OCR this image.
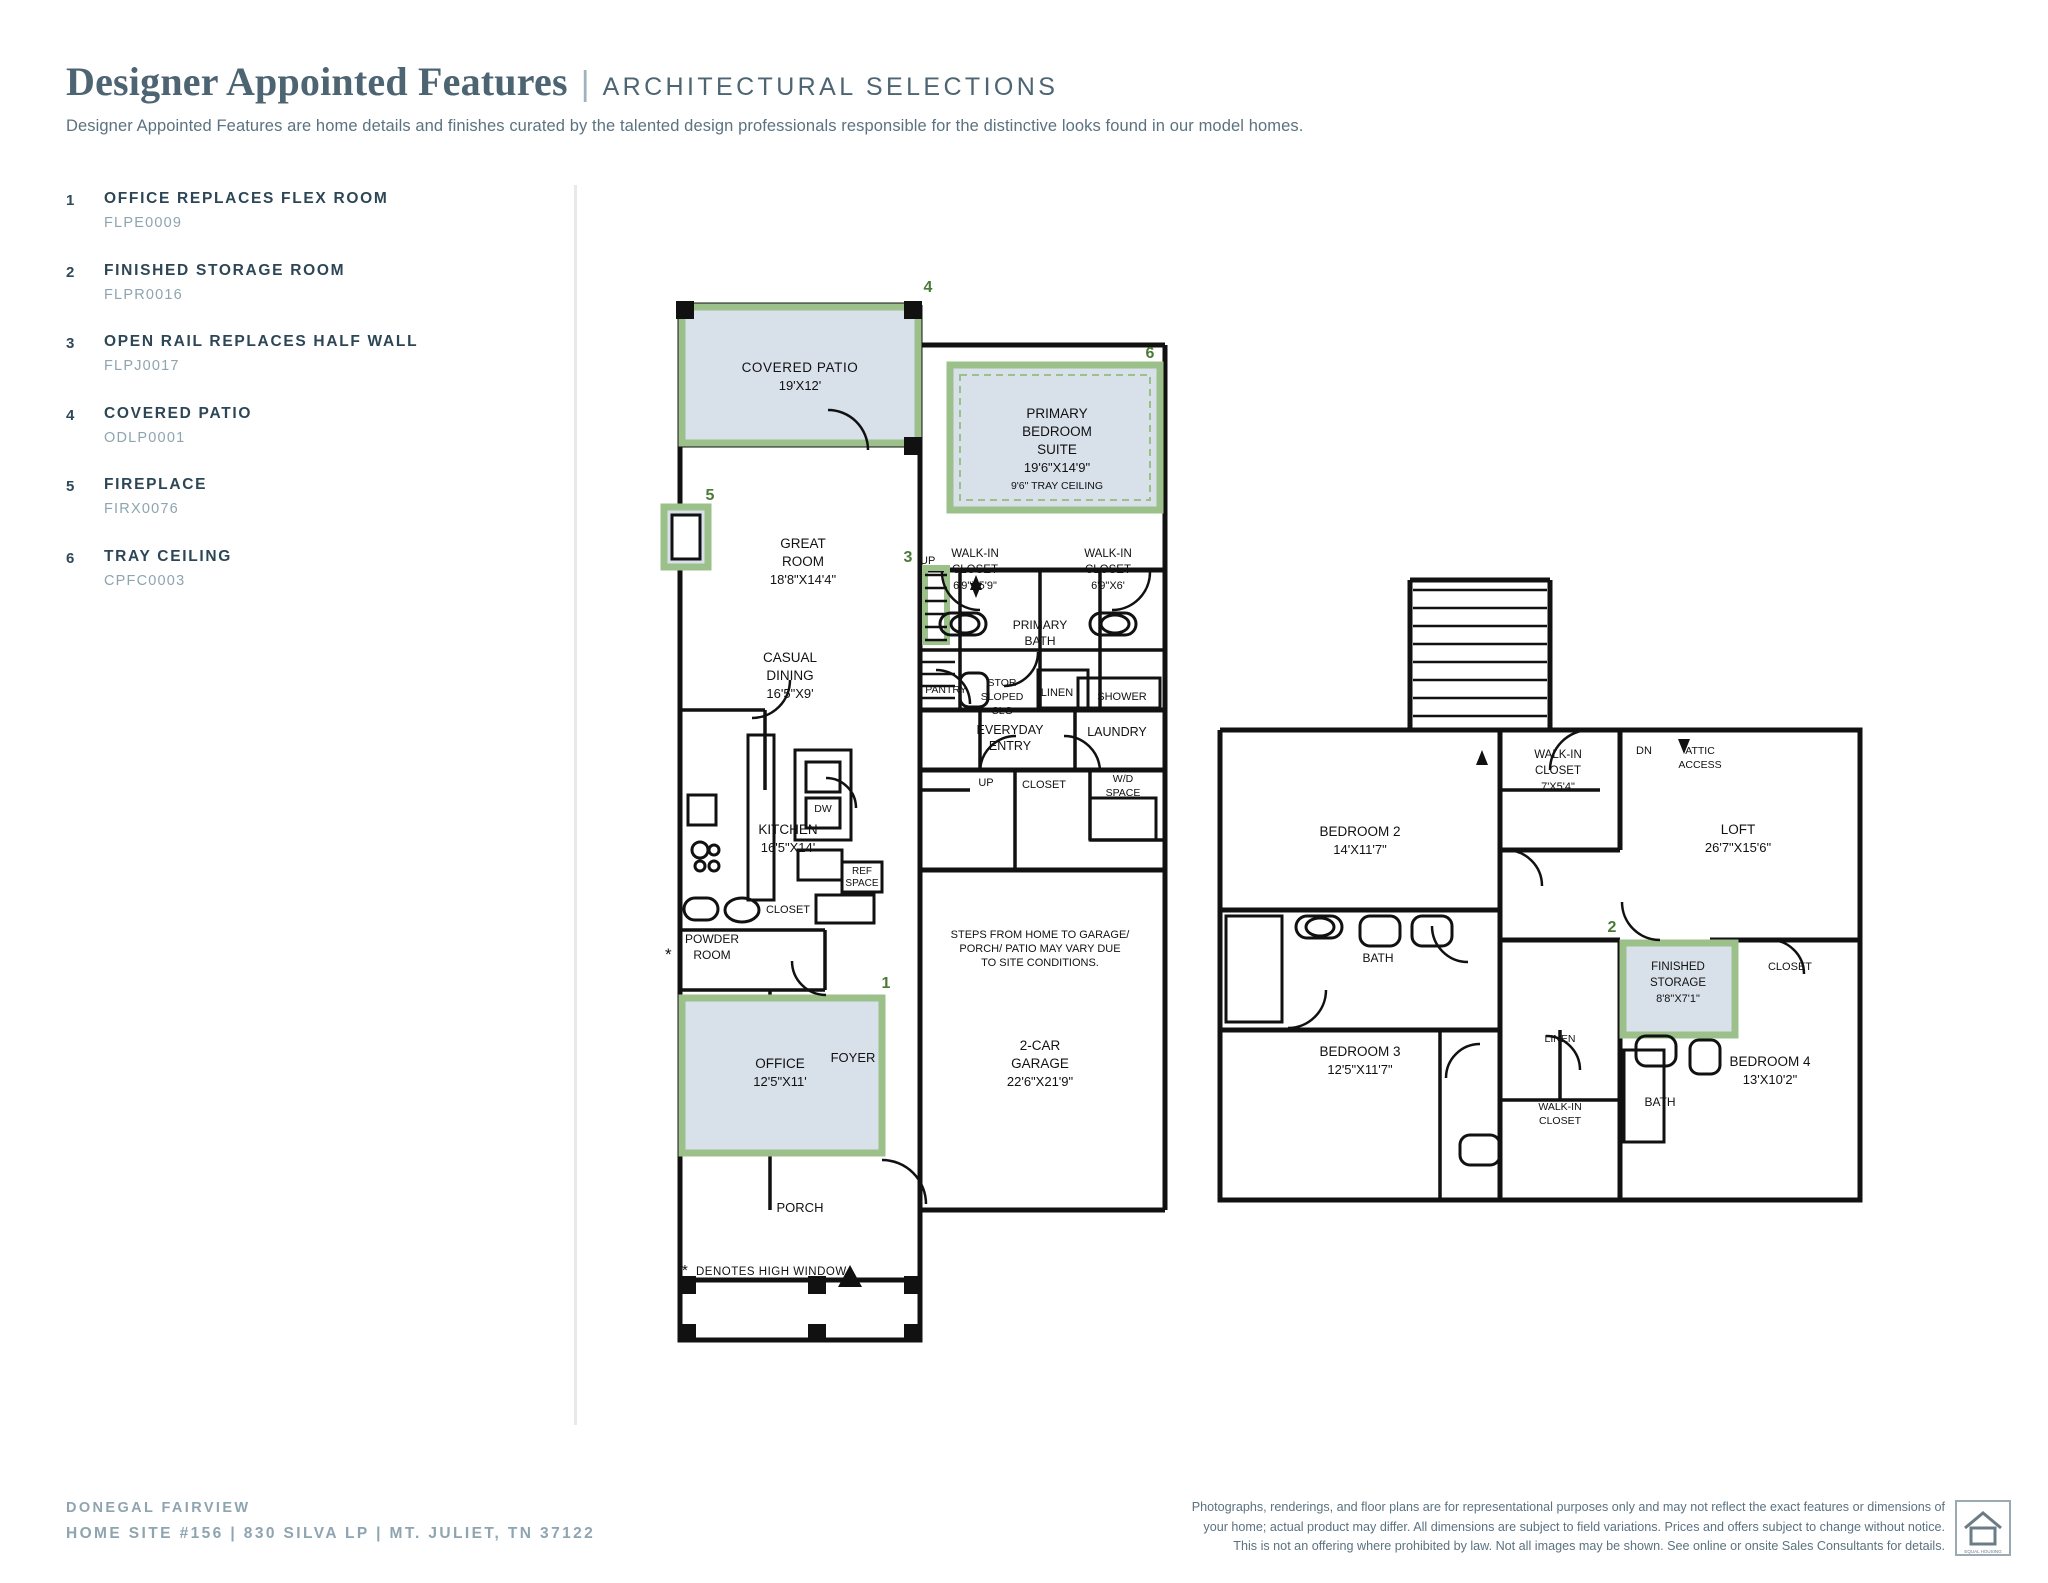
Designer Appointed Features | ARCHITECTURAL SELECTIONS
Designer Appointed Features are home details and finishes curated by the talented design professionals responsible for the distinctive looks found in our model homes.
1 OFFICE REPLACES FLEX ROOM
FLPE0009
2 FINISHED STORAGE ROOM
FLPR0016
3 OPEN RAIL REPLACES HALF WALL
FLPJ0017
4 COVERED PATIO
ODLP0001
5 FIREPLACE
FIRX0076
6 TRAY CEILING
CPFC0003
4
6
5
3
1
2
COVERED PATIO
19'X12'
PRIMARY
BEDROOM
SUITE
19'6"X14'9"
9'6" TRAY CEILING
GREAT
ROOM
18'8"X14'4"
WALK-IN
CLOSET
6'9"X5'9"
WALK-IN
CLOSET
6'9"X6'
UP
PRIMARY
BATH
LINEN SHOWER
CASUAL
DINING
16'5"X9'	PANTRY
STOR
SLOPED
CLG
EVERYDAY
ENTRY
LAUNDRY
UP	CLOSET	W/D
SPACE
KITCHEN
16'5"X14'
DW
REF
SPACE
CLOSET
POWDER
ROOM
STEPS FROM HOME TO GARAGE/
PORCH/ PATIO MAY VARY DUE
TO SITE CONDITIONS.
2-CAR
GARAGE
22'6"X21'9"
OFFICE
12'5"X11'
FOYER
PORCH
BEDROOM 2
14'X11'7"
BEDROOM 3
12'5"X11'7"
BEDROOM 4
13'X10'2"
LOFT
26'7"X15'6"
WALK-IN
CLOSET
7'X5'4"
DN	ATTIC
ACCESS
BATH
LINEN
WALK-IN
CLOSET
BATH
CLOSET
FINISHED
STORAGE
8'8"X7'1"
*
* DENOTES HIGH WINDOW
DONEGAL FAIRVIEW
HOME SITE #156 | 830 SILVA LP | MT. JULIET, TN 37122
Photographs, renderings, and floor plans are for representational purposes only and may not reflect the exact features or dimensions of
your home; actual product may differ. All dimensions are subject to field variations. Prices and offers subject to change without notice.
This is not an offering where prohibited by law. Not all images may be shown. See online or onsite Sales Consultants for details.	EQUAL HOUSING
